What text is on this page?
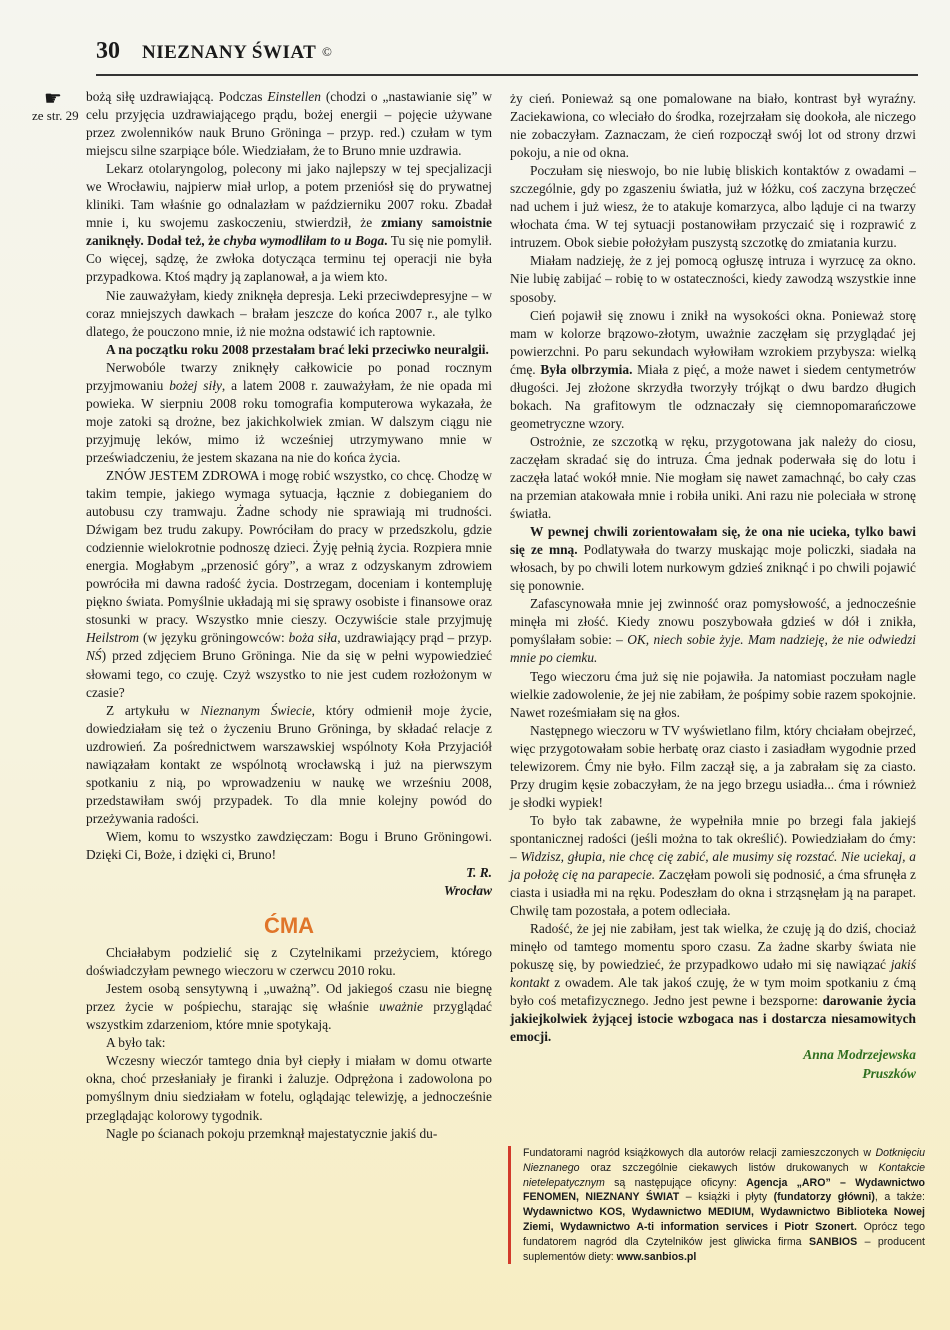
30 NIEZNANY ŚWIAT ©
☛
ze str. 29

bożą siłę uzdrawiającą. Podczas Einstellen (chodzi o „nastawianie się” w celu przyjęcia uzdrawiającego prądu, bożej energii – pojęcie używane przez zwolenników nauk Bruno Gröninga – przyp. red.) czułam w tym miejscu silne szarpiące bóle. Wiedziałam, że to Bruno mnie uzdrawia.

Lekarz otolaryngolog, polecony mi jako najlepszy w tej specjalizacji we Wrocławiu, najpierw miał urlop, a potem przeniósł się do prywatnej kliniki. Tam właśnie go odnalazłam w październiku 2007 roku. Zbadał mnie i, ku swojemu zaskoczeniu, stwierdził, że zmiany samoistnie zaniknęły. Dodał też, że chyba wymodliłam to u Boga. Tu się nie pomylił. Co więcej, sądzę, że zwłoka dotycząca terminu tej operacji nie była przypadkowa. Ktoś mądry ją zaplanował, a ja wiem kto.

Nie zauważyłam, kiedy zniknęła depresja. Leki przeciwdepresyjne – w coraz mniejszych dawkach – brałam jeszcze do końca 2007 r., ale tylko dlatego, że pouczono mnie, iż nie można odstawić ich raptownie.

A na początku roku 2008 przestałam brać leki przeciwko neuralgii.

Nerwobóle twarzy zniknęły całkowicie po ponad rocznym przyjmowaniu bożej siły, a latem 2008 r. zauważyłam, że nie opada mi powieka. W sierpniu 2008 roku tomografia komputerowa wykazała, że moje zatoki są drożne, bez jakichkolwiek zmian. W dalszym ciągu nie przyjmuję leków, mimo iż wcześniej utrzymywano mnie w przeświadczeniu, że jestem skazana na nie do końca życia.

ZNÓW JESTEM ZDROWA i mogę robić wszystko, co chcę. Chodzę w takim tempie, jakiego wymaga sytuacja, łącznie z dobieganiem do autobusu czy tramwaju. Żadne schody nie sprawiają mi trudności. Dźwigam bez trudu zakupy. Powróciłam do pracy w przedszkolu, gdzie codziennie wielokrotnie podnoszę dzieci. Żyję pełnią życia. Rozpiera mnie energia. Mogłabym „przenosić góry”, a wraz z odzyskanym zdrowiem powróciła mi dawna radość życia. Dostrzegam, doceniam i kontempluję piękno świata. Pomyślnie układają mi się sprawy osobiste i finansowe oraz stosunki w pracy. Wszystko mnie cieszy. Oczywiście stale przyjmuję Heilstrom (w języku gröningowców: boża siła, uzdrawiający prąd – przyp. NŚ) przed zdjęciem Bruno Gröninga. Nie da się w pełni wypowiedzieć słowami tego, co czuję. Czyż wszystko to nie jest cudem rozłożonym w czasie?

Z artykułu w Nieznanym Świecie, który odmienił moje życie, dowiedziałam się też o życzeniu Bruno Gröninga, by składać relacje z uzdrowień. Za pośrednictwem warszawskiej wspólnoty Koła Przyjaciół nawiązałam kontakt ze wspólnotą wrocławską i już na pierwszym spotkaniu z nią, po wprowadzeniu w naukę we wrześniu 2008, przedstawiłam swój przypadek. To dla mnie kolejny powód do przeżywania radości.

Wiem, komu to wszystko zawdzięczam: Bogu i Bruno Gröningowi. Dzięki Ci, Boże, i dzięki ci, Bruno!

T. R.

Wrocław

ĆMA

Chciałabym podzielić się z Czytelnikami przeżyciem, którego doświadczyłam pewnego wieczoru w czerwcu 2010 roku.

Jestem osobą sensytywną i „uważną”. Od jakiegoś czasu nie biegnę przez życie w pośpiechu, starając się właśnie uważnie przyglądać wszystkim zdarzeniom, które mnie spotykają.

A było tak:

Wczesny wieczór tamtego dnia był ciepły i miałam w domu otwarte okna, choć przesłaniały je firanki i żaluzje. Odprężona i zadowolona po pomyślnym dniu siedziałam w fotelu, oglądając telewizję, a jednocześnie przeglądając kolorowy tygodnik.

Nagle po ścianach pokoju przemknął majestatycznie jakiś du-

ży cień. Ponieważ są one pomalowane na biało, kontrast był wyraźny. Zaciekawiona, co wleciało do środka, rozejrzałam się dookoła, ale niczego nie zobaczyłam. Zaznaczam, że cień rozpoczął swój lot od strony drzwi pokoju, a nie od okna.

Poczułam się nieswojo, bo nie lubię bliskich kontaktów z owadami – szczególnie, gdy po zgaszeniu światła, już w łóżku, coś zaczyna brzęczeć nad uchem i już wiesz, że to atakuje komarzyca, albo ląduje ci na twarzy włochata ćma. W tej sytuacji postanowiłam przyczaić się i rozprawić z intruzem. Obok siebie położyłam puszystą szczotkę do zmiatania kurzu.

Miałam nadzieję, że z jej pomocą ogłuszę intruza i wyrzucę za okno. Nie lubię zabijać – robię to w ostateczności, kiedy zawodzą wszystkie inne sposoby.

Cień pojawił się znowu i znikł na wysokości okna. Ponieważ storę mam w kolorze brązowo-złotym, uważnie zaczęłam się przyglądać jej powierzchni. Po paru sekundach wyłowiłam wzrokiem przybysza: wielką ćmę. Była olbrzymia. Miała z pięć, a może nawet i siedem centymetrów długości. Jej złożone skrzydła tworzyły trójkąt o dwu bardzo długich bokach. Na grafitowym tle odznaczały się ciemnopomarańczowe geometryczne wzory.

Ostrożnie, ze szczotką w ręku, przygotowana jak należy do ciosu, zaczęłam skradać się do intruza. Ćma jednak poderwała się do lotu i zaczęła latać wokół mnie. Nie mogłam się nawet zamachnąć, bo cały czas na przemian atakowała mnie i robiła uniki. Ani razu nie poleciała w stronę światła.

W pewnej chwili zorientowałam się, że ona nie ucieka, tylko bawi się ze mną. Podlatywała do twarzy muskając moje policzki, siadała na włosach, by po chwili lotem nurkowym gdzieś zniknąć i po chwili pojawić się ponownie.

Zafascynowała mnie jej zwinność oraz pomysłowość, a jednocześnie minęła mi złość. Kiedy znowu poszybowała gdzieś w dół i znikła, pomyślałam sobie: – OK, niech sobie żyje. Mam nadzieję, że nie odwiedzi mnie po ciemku.

Tego wieczoru ćma już się nie pojawiła. Ja natomiast poczułam nagle wielkie zadowolenie, że jej nie zabiłam, że pośpimy sobie razem spokojnie. Nawet roześmiałam się na głos.

Następnego wieczoru w TV wyświetlano film, który chciałam obejrzeć, więc przygotowałam sobie herbatę oraz ciasto i zasiadłam wygodnie przed telewizorem. Ćmy nie było. Film zaczął się, a ja zabrałam się za ciasto. Przy drugim kęsie zobaczyłam, że na jego brzegu usiadła... ćma i również je słodki wypiek!

To było tak zabawne, że wypełniła mnie po brzegi fala jakiejś spontanicznej radości (jeśli można to tak określić). Powiedziałam do ćmy: – Widzisz, głupia, nie chcę cię zabić, ale musimy się rozstać. Nie uciekaj, a ja położę cię na parapecie. Zaczęłam powoli się podnosić, a ćma sfrunęła z ciasta i usiadła mi na ręku. Podeszłam do okna i strząsnęłam ją na parapet. Chwilę tam pozostała, a potem odleciała.

Radość, że jej nie zabiłam, jest tak wielka, że czuję ją do dziś, chociaż minęło od tamtego momentu sporo czasu. Za żadne skarby świata nie pokuszę się, by powiedzieć, że przypadkowo udało mi się nawiązać jakiś kontakt z owadem. Ale tak jakoś czuję, że w tym moim spotkaniu z ćmą było coś metafizycznego. Jedno jest pewne i bezsporne: darowanie życia jakiejkolwiek żyjącej istocie wzbogaca nas i dostarcza niesamowitych emocji.

Anna Modrzejewska

Pruszków

Fundatorami nagród książkowych dla autorów relacji zamieszczonych w Dotknięciu Nieznanego oraz szczególnie ciekawych listów drukowanych w Kontakcie nietelepatycznym są następujące oficyny: Agencja „ARO” – Wydawnictwo FENOMEN, NIEZNANY ŚWIAT – książki i płyty (fundatorzy główni), a także: Wydawnictwo KOS, Wydawnictwo MEDIUM, Wydawnictwo Biblioteka Nowej Ziemi, Wydawnictwo A-ti information services i Piotr Szonert. Oprócz tego fundatorem nagród dla Czytelników jest gliwicka firma SANBIOS – producent suplementów diety: www.sanbios.pl
